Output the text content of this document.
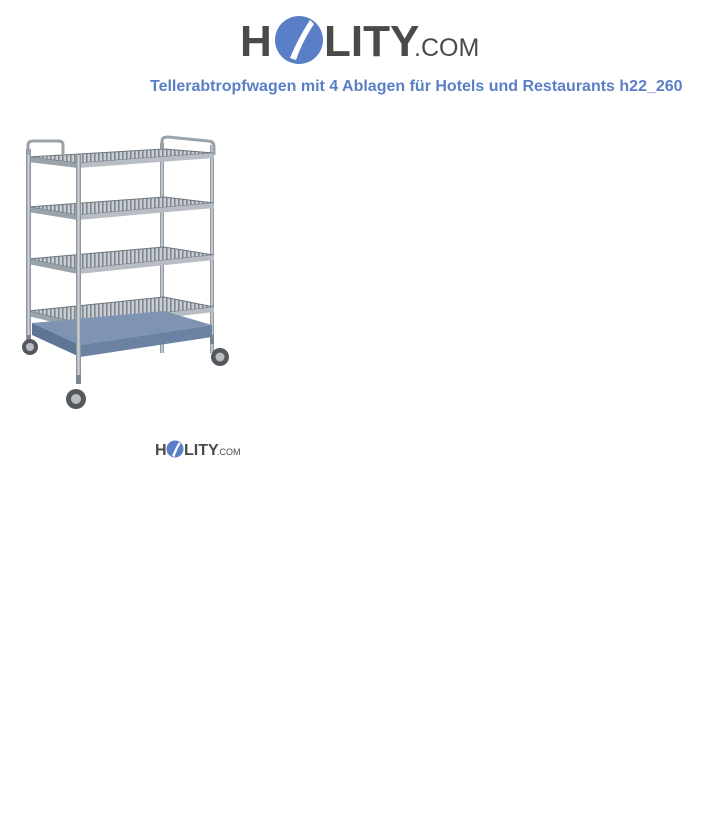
H LITY
.COM
Tellerabtropfwagen mit 4 Ablagen für Hotels und Restaurants h22_260
H LITY
.COM
